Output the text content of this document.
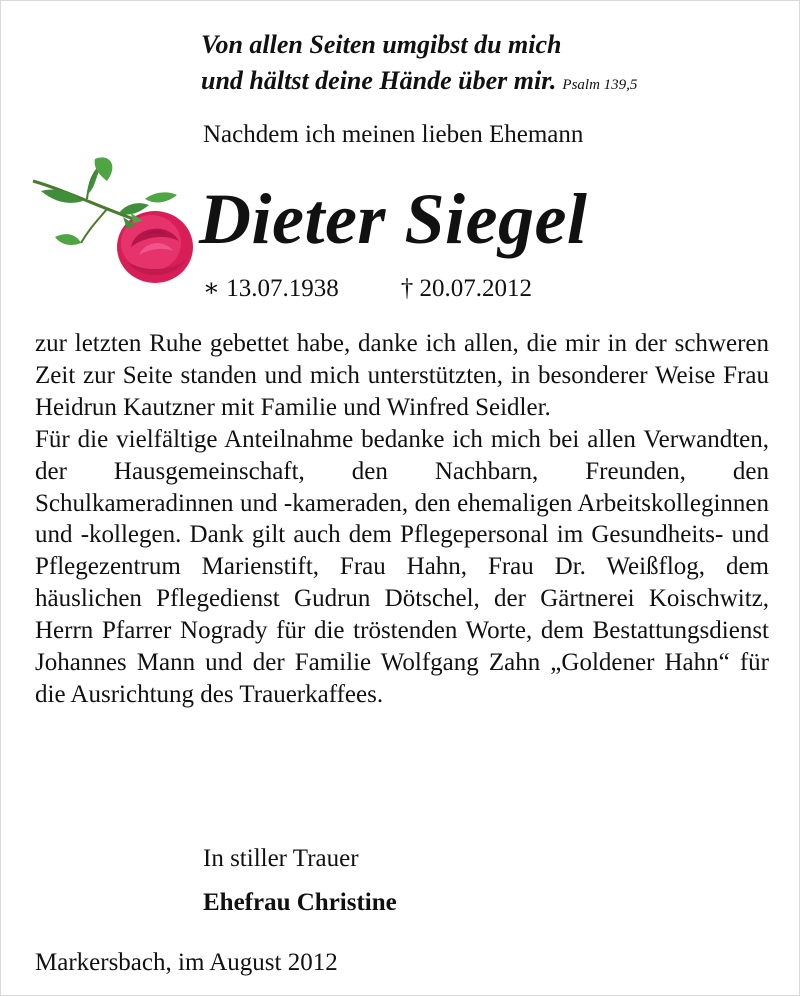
Von allen Seiten umgibst du mich
und hältst deine Hände über mir. Psalm 139,5
Nachdem ich meinen lieben Ehemann
Dieter Siegel
∗ 13.07.1938 † 20.07.2012

zur letzten Ruhe gebettet habe, danke ich allen, die mir in der schweren Zeit zur Seite standen und mich unterstützten, in besonderer Weise Frau Heidrun Kautzner mit Familie und Winfred Seidler.

Für die vielfältige Anteilnahme bedanke ich mich bei allen Verwandten, der Hausgemeinschaft, den Nachbarn, Freunden, den Schulkameradinnen und -kameraden, den ehemaligen Arbeitskolleginnen und -kollegen. Dank gilt auch dem Pflegepersonal im Gesundheits- und Pflegezentrum Marienstift, Frau Hahn, Frau Dr. Weißflog, dem häuslichen Pflegedienst Gudrun Dötschel, der Gärtnerei Koischwitz, Herrn Pfarrer Nogrady für die tröstenden Worte, dem Bestattungsdienst Johannes Mann und der Familie Wolfgang Zahn „Goldener Hahn“ für die Ausrichtung des Trauerkaffees.

In stiller Trauer
Ehefrau Christine
Markersbach, im August 2012
